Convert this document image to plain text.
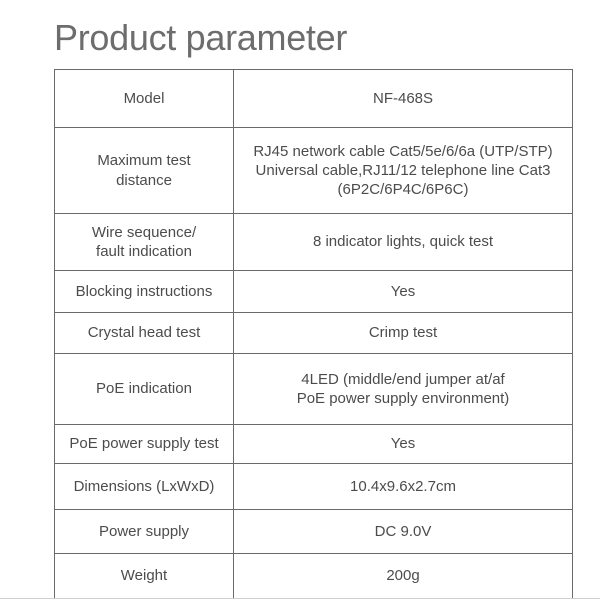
Product parameter
Model	NF-468S

Maximum test
distance	RJ45 network cable Cat5/5e/6/6a (UTP/STP)
Universal cable,RJ11/12 telephone line Cat3
(6P2C/6P4C/6P6C)

Wire sequence/
fault indication	8 indicator lights, quick test
Blocking instructions	Yes
Crystal head test	Crimp test
PoE indication	4LED (middle/end jumper at/af
PoE power supply environment)

PoE power supply test	Yes
Dimensions (LxWxD)	10.4x9.6x2.7cm
Power supply	DC 9.0V
Weight	200g
